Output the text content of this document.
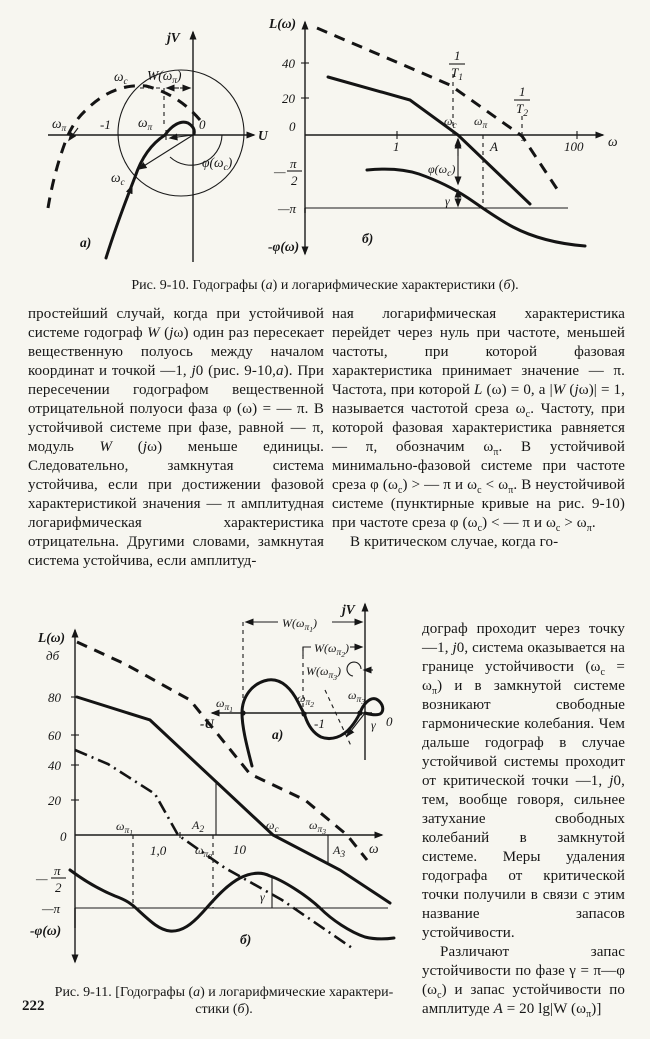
jV
U
0
-1
$\omega_\pi$	$\omega_\pi$
$\omega_c$
$\omega_c$
$W(\omega_\pi)$
$\varphi(\omega_c)$
а)
L(ω)
40
20
0
—
π
2
—π
-φ(ω)
1	А	100 ω
1
$T_1$
1
$T_2$
$\omega_c$ $\omega_\pi$
$\varphi(\omega_c)$
γ
б)
Рис. 9-10. Годографы (а) и логарифмические характеристики (б).

простейший случай, когда при устойчивой системе годограф W (jω) один раз пересекает вещественную полуось между началом координат и точкой —1, j0 (рис. 9-10,а). При пересечении годографом вещественной отрицательной полуоси фаза φ (ω) = — π. В устойчивой системе при фазе, равной — π, модуль W (jω) меньше единицы. Следовательно, замкнутая система устойчива, если при достижении фазовой характеристикой значения — π амплитудная логарифмическая характеристика отрицательна. Другими словами, замкнутая система устойчива, если амплитуд-

ная логарифмическая характеристика перейдет через нуль при частоте, меньшей частоты, при которой фазовая характеристика принимает значение — π. Частота, при которой L (ω) = 0, а |W (jω)| = 1, называется частотой среза $\omega_c$. Частоту, при которой фазовая характеристика равняется — π, обозначим $\omega_\pi$. В устойчивой минимально-фазовой системе при частоте среза φ $(\omega_c)$ > — π и $\omega_c < \omega_\pi$. В неустойчивой системе (пунктирные кривые на рис. 9-10) при частоте среза φ $(\omega_c)$ < — π и $\omega_c > \omega_\pi$.

В критическом случае, когда го-

дограф проходит через точку —1, j0, система оказывается на границе устойчивости $(\omega_c = \omega_\pi)$ и в замкнутой системе возникают свободные гармонические колебания. Чем дальше годограф в случае устойчивой системы проходит от критической точки —1, j0, тем, вообще говоря, сильнее затухание свободных колебаний в замкнутой системе. Меры удаления годографа от критической точки получили в связи с этим название запасов устойчивости.

Различают запас устойчивости по фазе γ = π—φ $(\omega_c)$ и запас устойчивости по амплитуде A = 20 lg|W $(\omega_\pi)$]

L(ω)
дб
80
60
40
20
0
—
π
2
—π
-φ(ω)
$\omega_\pi 1$
1,0
$А_2$
$\omega_\pi 2$ 10
$\omega_c$	$\omega_\pi 3$
$А_3$ ω
γ
б)
jV
$W(\omega_\pi 1)$
$W(\omega_\pi 2)$
$W(\omega_\pi 3)$
$\omega_\pi 1$
$\omega_\pi 2$
$\omega_\pi 3$
-U	-1	0
γ
а)
Рис. 9-11. [Годографы (а) и логарифмические характери-
стики (б).
222
